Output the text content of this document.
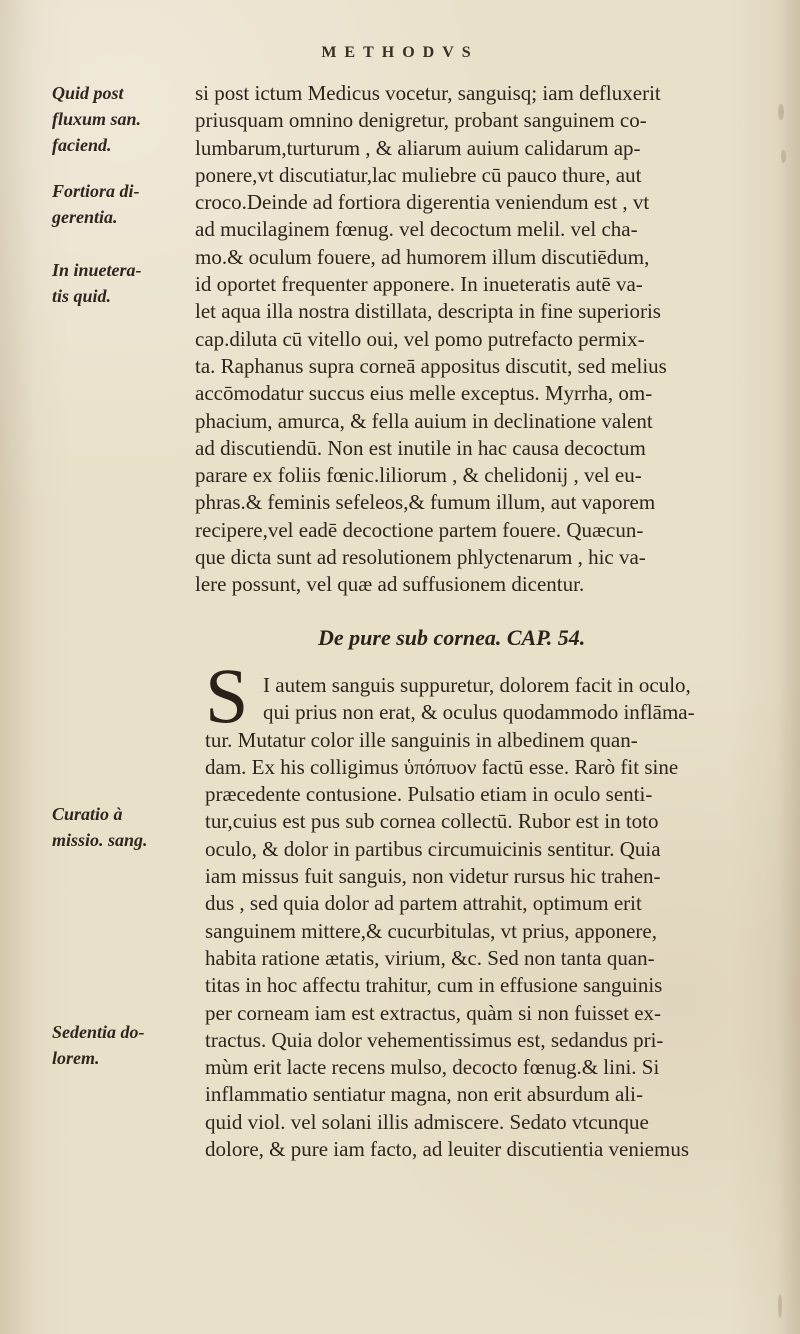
METHODVS
Quid post
fluxum san.
faciend.
Fortiora di-
gerentia.
In inuetera-
tis quid.
Curatio à
missio. sang.
Sedentia do-
lorem.
si post ictum Medicus vocetur, sanguisq; iam defluxerit
priusquam omnino denigretur, probant sanguinem co-
lumbarum,turturum , & aliarum auium calidarum ap-
ponere,vt discutiatur,lac muliebre cū pauco thure, aut
croco.Deinde ad fortiora digerentia veniendum est , vt
ad mucilaginem fœnug. vel decoctum melil. vel cha-
mo.& oculum fouere, ad humorem illum discutiēdum,
id oportet frequenter apponere. In inueteratis autē va-
let aqua illa nostra distillata, descripta in fine superioris
cap.diluta cū vitello oui, vel pomo putrefacto permix-
ta. Raphanus supra corneā appositus discutit, sed melius
accōmodatur succus eius melle exceptus. Myrrha, om-
phacium, amurca, & fella auium in declinatione valent
ad discutiendū. Non est inutile in hac causa decoctum
parare ex foliis fœnic.liliorum , & chelidonij , vel eu-
phras.& feminis sefeleos,& fumum illum, aut vaporem
recipere,vel eadē decoctione partem fouere. Quæcun-
que dicta sunt ad resolutionem phlyctenarum , hic va-
lere possunt, vel quæ ad suffusionem dicentur.
De pure sub cornea. CAP. 54.
S I autem sanguis suppuretur, dolorem facit in oculo,
qui prius non erat, & oculus quodammodo inflāma-
tur. Mutatur color ille sanguinis in albedinem quan-
dam. Ex his colligimus ὑπόπυον factū esse. Rarò fit sine
præcedente contusione. Pulsatio etiam in oculo senti-
tur,cuius est pus sub cornea collectū. Rubor est in toto
oculo, & dolor in partibus circumuicinis sentitur. Quia
iam missus fuit sanguis, non videtur rursus hic trahen-
dus , sed quia dolor ad partem attrahit, optimum erit
sanguinem mittere,& cucurbitulas, vt prius, apponere,
habita ratione ætatis, virium, &c. Sed non tanta quan-
titas in hoc affectu trahitur, cum in effusione sanguinis
per corneam iam est extractus, quàm si non fuisset ex-
tractus. Quia dolor vehementissimus est, sedandus pri-
mùm erit lacte recens mulso, decocto fœnug.& lini. Si
inflammatio sentiatur magna, non erit absurdum ali-
quid viol. vel solani illis admiscere. Sedato vtcunque
dolore, & pure iam facto, ad leuiter discutientia veniemus
